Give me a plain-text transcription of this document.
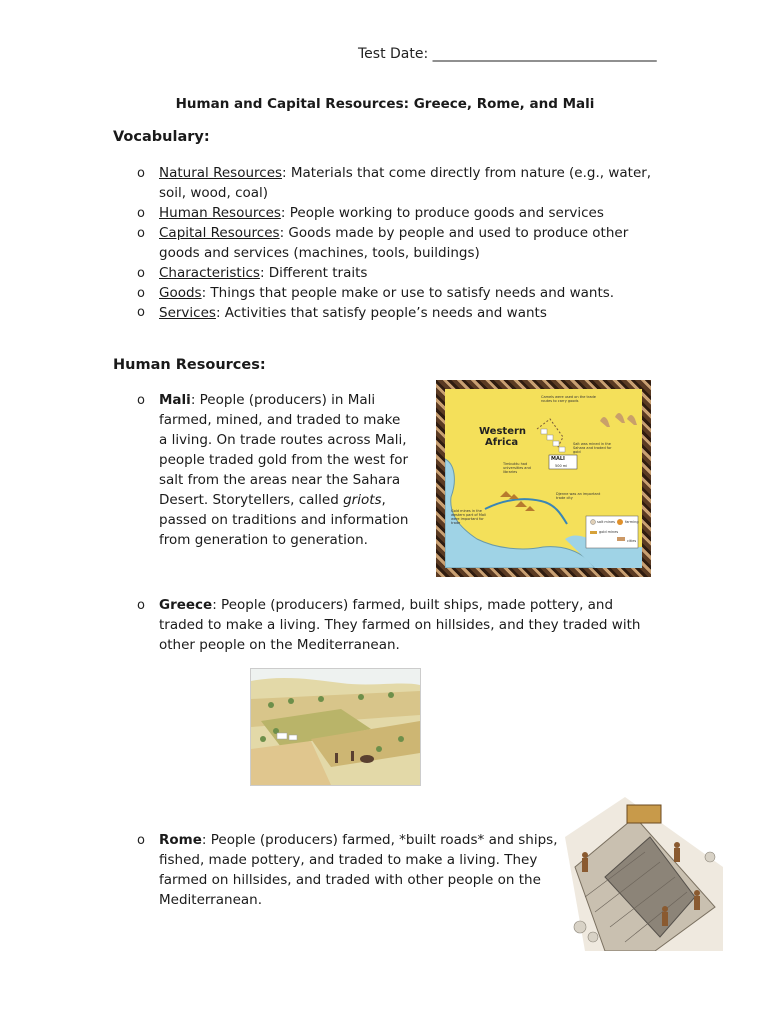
Test Date: ________________________________
Human and Capital Resources: Greece, Rome, and Mali
Vocabulary:
o Natural Resources: Materials that come directly from nature (e.g., water,
soil, wood, coal)
o Human Resources: People working to produce goods and services
o Capital Resources: Goods made by people and used to produce other
goods and services (machines, tools, buildings)
o Characteristics: Different traits
o Goods: Things that people make or use to satisfy needs and wants.
o Services: Activities that satisfy people’s needs and wants
Human Resources:
o Mali: People (producers) in Mali
farmed, mined, and traded to make
a living. On trade routes across Mali,
people traded gold from the west for
salt from the areas near the Sahara
Desert. Storytellers, called griots,
passed on traditions and information
from generation to generation.
Western
Africa
Camels were used on the trade routes to carry goods
Salt was mined in the Sahara and traded for gold
MALI
500 mi
Timbuktu had universities and libraries
Djenne was an important trade city
Gold mines in the western part of Mali were important for trade	salt mines
gold mines
farming
cities
o Greece: People (producers) farmed, built ships, made pottery, and
traded to make a living. They farmed on hillsides, and they traded with
other people on the Mediterranean.
o Rome: People (producers) farmed, *built roads* and ships,
fished, made pottery, and traded to make a living. They
farmed on hillsides, and traded with other people on the
Mediterranean.
